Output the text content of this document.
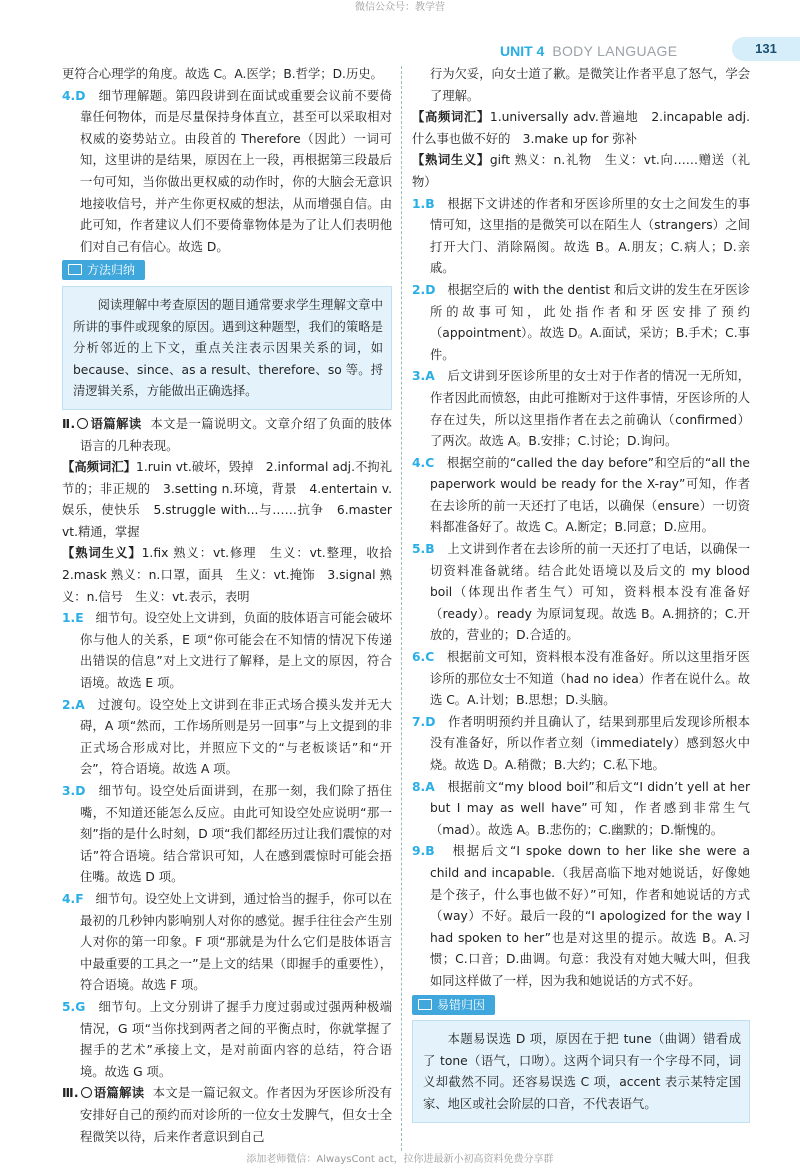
微信公众号：教学营
UNIT 4 BODY LANGUAGE	131

更符合心理学的角度。故选 C。A.医学；B.哲学；D.历史。

4.D 细节理解题。第四段讲到在面试或重要会议前不要倚靠任何物体，而是尽量保持身体直立，甚至可以采取相对权威的姿势站立。由段首的 Therefore（因此）一词可知，这里讲的是结果，原因在上一段，再根据第三段最后一句可知，当你做出更权威的动作时，你的大脑会无意识地接收信号，并产生你更权威的想法，从而增强自信。由此可知，作者建议人们不要倚靠物体是为了让人们表明他们对自己有信心。故选 D。

方法归纳

阅读理解中考查原因的题目通常要求学生理解文章中所讲的事件或现象的原因。遇到这种题型，我们的策略是分析邻近的上下文，重点关注表示因果关系的词，如 because、since、as a result、therefore、so 等。捋清逻辑关系，方能做出正确选择。

Ⅱ. 语篇解读 本文是一篇说明文。文章介绍了负面的肢体语言的几种表现。

【高频词汇】1.ruin vt.破坏，毁掉　2.informal adj.不拘礼节的；非正规的　3.setting n.环境，背景　4.entertain v.娱乐，使快乐　5.struggle with...与……抗争　6.master vt.精通，掌握

【熟词生义】1.fix 熟义：vt.修理　生义：vt.整理，收拾　2.mask 熟义：n.口罩，面具　生义：vt.掩饰　3.signal 熟义：n.信号　生义：vt.表示，表明

1.E 细节句。设空处上文讲到，负面的肢体语言可能会破坏你与他人的关系，E 项“你可能会在不知情的情况下传递出错误的信息”对上文进行了解释，是上文的原因，符合语境。故选 E 项。

2.A 过渡句。设空处上文讲到在非正式场合摸头发并无大碍，A 项“然而，工作场所则是另一回事”与上文提到的非正式场合形成对比，并照应下文的“与老板谈话”和“开会”，符合语境。故选 A 项。

3.D 细节句。设空处后面讲到，在那一刻，我们除了捂住嘴，不知道还能怎么反应。由此可知设空处应说明“那一刻”指的是什么时刻，D 项“我们都经历过让我们震惊的对话”符合语境。结合常识可知，人在感到震惊时可能会捂住嘴。故选 D 项。

4.F 细节句。设空处上文讲到，通过恰当的握手，你可以在最初的几秒钟内影响别人对你的感觉。握手往往会产生别人对你的第一印象。F 项“那就是为什么它们是肢体语言中最重要的工具之一”是上文的结果（即握手的重要性），符合语境。故选 F 项。

5.G 细节句。上文分别讲了握手力度过弱或过强两种极端情况，G 项“当你找到两者之间的平衡点时，你就掌握了握手的艺术”承接上文，是对前面内容的总结，符合语境。故选 G 项。

Ⅲ. 语篇解读 本文是一篇记叙文。作者因为牙医诊所没有安排好自己的预约而对诊所的一位女士发脾气，但女士全程微笑以待，后来作者意识到自己

行为欠妥，向女士道了歉。是微笑让作者平息了怒气，学会了理解。

【高频词汇】1.universally adv.普遍地　2.incapable adj.什么事也做不好的　3.make up for 弥补

【熟词生义】gift 熟义：n.礼物　生义：vt.向……赠送（礼物）

1.B 根据下文讲述的作者和牙医诊所里的女士之间发生的事情可知，这里指的是微笑可以在陌生人（strangers）之间打开大门、消除隔阂。故选 B。A.朋友；C.病人；D.亲戚。

2.D 根据空后的 with the dentist 和后文讲的发生在牙医诊所的故事可知，此处指作者和牙医安排了预约（appointment）。故选 D。A.面试，采访；B.手术；C.事件。

3.A 后文讲到牙医诊所里的女士对于作者的情况一无所知，作者因此而愤怒，由此可推断对于这件事情，牙医诊所的人存在过失，所以这里指作者在去之前确认（confirmed）了两次。故选 A。B.安排；C.讨论；D.询问。

4.C 根据空前的“called the day before”和空后的“all the paperwork would be ready for the X-ray”可知，作者在去诊所的前一天还打了电话，以确保（ensure）一切资料都准备好了。故选 C。A.断定；B.同意；D.应用。

5.B 上文讲到作者在去诊所的前一天还打了电话，以确保一切资料准备就绪。结合此处语境以及后文的 my blood boil（体现出作者生气）可知，资料根本没有准备好（ready）。ready 为原词复现。故选 B。A.拥挤的；C.开放的，营业的；D.合适的。

6.C 根据前文可知，资料根本没有准备好。所以这里指牙医诊所的那位女士不知道（had no idea）作者在说什么。故选 C。A.计划；B.思想；D.头脑。

7.D 作者明明预约并且确认了，结果到那里后发现诊所根本没有准备好，所以作者立刻（immediately）感到怒火中烧。故选 D。A.稍微；B.大约；C.私下地。

8.A 根据前文“my blood boil”和后文“I didn’t yell at her but I may as well have”可知，作者感到非常生气（mad）。故选 A。B.悲伤的；C.幽默的；D.惭愧的。

9.B 根据后文“I spoke down to her like she were a child and incapable.（我居高临下地对她说话，好像她是个孩子，什么事也做不好）”可知，作者和她说话的方式（way）不好。最后一段的“I apologized for the way I had spoken to her”也是对这里的提示。故选 B。A.习惯；C.口音；D.曲调。句意：我没有对她大喊大叫，但我如同这样做了一样，因为我和她说话的方式不好。

易错归因

本题易误选 D 项，原因在于把 tune（曲调）错看成了 tone（语气，口吻）。这两个词只有一个字母不同，词义却截然不同。还容易误选 C 项，accent 表示某特定国家、地区或社会阶层的口音，不代表语气。

添加老师微信：AlwaysCont act，拉你进最新小初高资料免费分享群
